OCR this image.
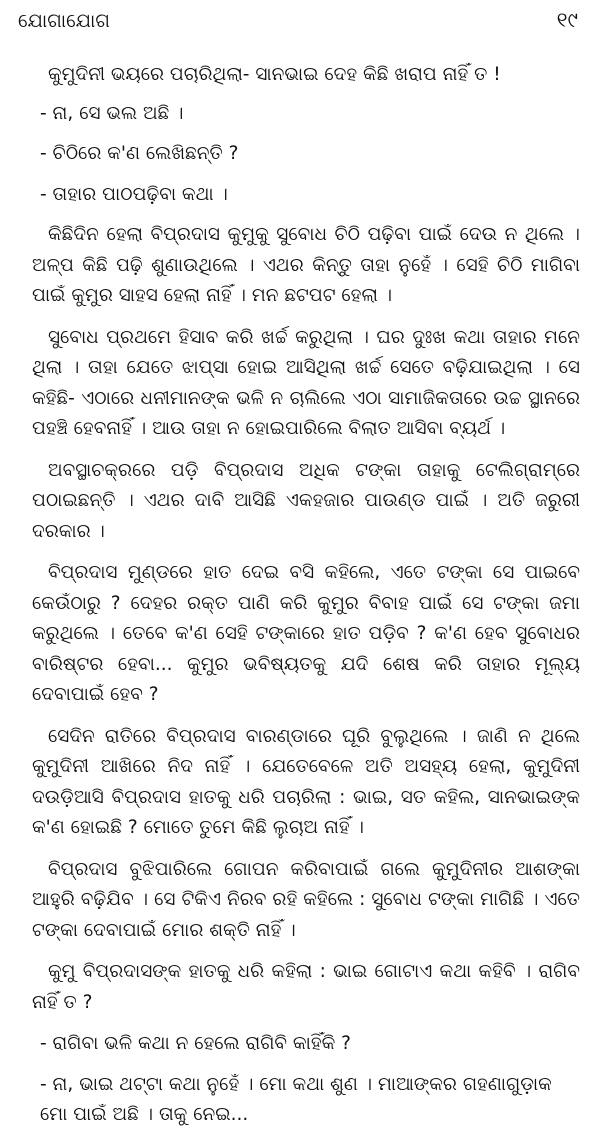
ଯୋଗାଯୋଗ	୧୯

କୁମୁଦିନୀ ଭୟରେ ପଚାରିଥିଲା- ସାନଭାଇ ଦେହ କିଛି ଖରାପ ନାହିଁ ତ !

- ନା, ସେ ଭଲ ଅଛି ।

- ଚିଠିରେ କ'ଣ ଲେଖିଛନ୍ତି ?

- ତାହାର ପାଠପଢ଼ିବା କଥା ।

କିଛିଦିନ ହେଲା ବିପ୍ରଦାସ କୁମୁକୁ ସୁବୋଧ ଚିଠି ପଢ଼ିବା ପାଇଁ ଦେଉ ନ ଥିଲେ । ଅଳ୍ପ କିଛି ପଢ଼ି ଶୁଣାଉଥିଲେ । ଏଥର କିନ୍ତୁ ତାହା ନୁହେଁ । ସେହି ଚିଠି ମାଗିବା ପାଇଁ କୁମୁର ସାହସ ହେଲା ନାହିଁ । ମନ ଛଟପଟ ହେଲା ।

ସୁବୋଧ ପ୍ରଥମେ ହିସାବ କରି ଖର୍ଚ୍ଚ କରୁଥିଲା । ଘର ଦୁଃଖ କଥା ତାହାର ମନେ ଥିଲା । ତାହା ଯେତେ ଝାପ୍‌ସା ହୋଇ ଆସିଥିଲା ଖର୍ଚ୍ଚ ସେତେ ବଢ଼ିଯାଇଥିଲା । ସେ କହିଛି- ଏଠାରେ ଧନୀମାନଙ୍କ ଭଳି ନ ଚାଲିଲେ ଏଠା ସାମାଜିକତାରେ ଉଚ୍ଚ ସ୍ଥାନରେ ପହଞ୍ଚି ହେବନାହିଁ । ଆଉ ତାହା ନ ହୋଇପାରିଲେ ବିଲାତ ଆସିବା ବ୍ୟର୍ଥ ।

ଅବସ୍ଥାଚକ୍ରରେ ପଡ଼ି ବିପ୍ରଦାସ ଅଧିକ ଟଙ୍କା ତାହାକୁ ଟେଲିଗ୍ରାମ୍‌ରେ ପଠାଇଛନ୍ତି । ଏଥର ଦାବି ଆସିଛି ଏକହଜାର ପାଉଣ୍ଡ ପାଇଁ । ଅତି ଜରୁରୀ ଦରକାର ।

ବିପ୍ରଦାସ ମୁଣ୍ଡରେ ହାତ ଦେଇ ବସି କହିଲେ, ଏତେ ଟଙ୍କା ସେ ପାଇବେ କେଉଁଠାରୁ ? ଦେହର ରକ୍ତ ପାଣି କରି କୁମୁର ବିବାହ ପାଇଁ ସେ ଟଙ୍କା ଜମା କରୁଥିଲେ । ତେବେ କ'ଣ ସେହି ଟଙ୍କାରେ ହାତ ପଡ଼ିବ ? କ'ଣ ହେବ ସୁବୋଧର ବାରିଷ୍ଟର ହେବା... କୁମୁର ଭବିଷ୍ୟତକୁ ଯଦି ଶେଷ କରି ତାହାର ମୂଲ୍ୟ ଦେବାପାଇଁ ହେବ ?

ସେଦିନ ରାତିରେ ବିପ୍ରଦାସ ବାରଣ୍ଡାରେ ଘୂରି ବୁଲୁଥିଲେ । ଜାଣି ନ ଥିଲେ କୁମୁଦିନୀ ଆଖିରେ ନିଦ ନାହିଁ । ଯେତେବେଳେ ଅତି ଅସହ୍ୟ ହେଲା, କୁମୁଦିନୀ ଦଉଡ଼ିଆସି ବିପ୍ରଦାସ ହାତକୁ ଧରି ପଚାରିଲା : ଭାଇ, ସତ କହିଲ, ସାନଭାଇଙ୍କ କ'ଣ ହୋଇଛି ? ମୋତେ ତୁମେ କିଛି ଲୁଚାଅ ନାହିଁ ।

ବିପ୍ରଦାସ ବୁଝିପାରିଲେ ଗୋପନ କରିବାପାଇଁ ଗଲେ କୁମୁଦିନୀର ଆଶଙ୍କା ଆହୁରି ବଢ଼ିଯିବ । ସେ ଟିକିଏ ନିରବ ରହି କହିଲେ : ସୁବୋଧ ଟଙ୍କା ମାଗିଛି । ଏତେ ଟଙ୍କା ଦେବାପାଇଁ ମୋର ଶକ୍ତି ନାହିଁ ।

କୁମୁ ବିପ୍ରଦାସଙ୍କ ହାତକୁ ଧରି କହିଲା : ଭାଇ ଗୋଟାଏ କଥା କହିବି । ରାଗିବ ନାହିଁ ତ ?

- ରାଗିବା ଭଳି କଥା ନ ହେଲେ ରାଗିବି କାହିଁକି ?

- ନା, ଭାଇ ଥଟ୍ଟା କଥା ନୁହେଁ । ମୋ କଥା ଶୁଣ । ମାଆଙ୍କର ଗହଣାଗୁଡ଼ାକ ମୋ ପାଇଁ ଅଛି । ତାକୁ ନେଇ...
